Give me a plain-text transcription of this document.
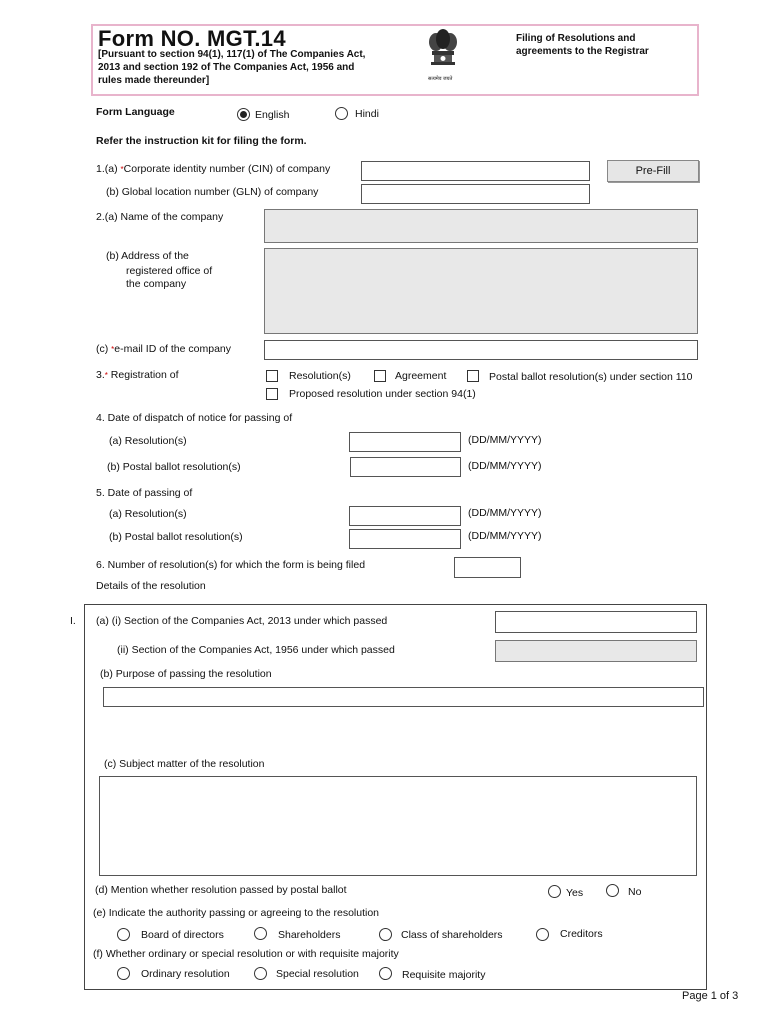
Form NO. MGT.14
[Pursuant to section 94(1), 117(1) of The Companies Act,
2013 and section 192 of The Companies Act, 1956 and
rules made thereunder]	सत्यमेव जयते
Filing of Resolutions and
agreements to the Registrar
Form Language	English	Hindi
Refer the instruction kit for filing the form.
1.(a) *Corporate identity number (CIN) of company	Pre-Fill
(b) Global location number (GLN) of company
2.(a) Name of the company
(b) Address of the
registered office of
the company
(c) *e-mail ID of the company
3.* Registration of	Resolution(s)	Agreement	Postal ballot resolution(s) under section 110
Proposed resolution under section 94(1)
4. Date of dispatch of notice for passing of
(a) Resolution(s)	(DD/MM/YYYY)
(b) Postal ballot resolution(s)	(DD/MM/YYYY)
5. Date of passing of
(a) Resolution(s)	(DD/MM/YYYY)
(b) Postal ballot resolution(s)	(DD/MM/YYYY)
6. Number of resolution(s) for which the form is being filed
Details of the resolution
I. (a) (i) Section of the Companies Act, 2013 under which passed
(ii) Section of the Companies Act, 1956 under which passed
(b) Purpose of passing the resolution
(c) Subject matter of the resolution
(d) Mention whether resolution passed by postal ballot	Yes	No
(e) Indicate the authority passing or agreeing to the resolution
Board of directors	Shareholders	Class of shareholders	Creditors
(f) Whether ordinary or special resolution or with requisite majority
Ordinary resolution	Special resolution	Requisite majority
Page 1 of 3
